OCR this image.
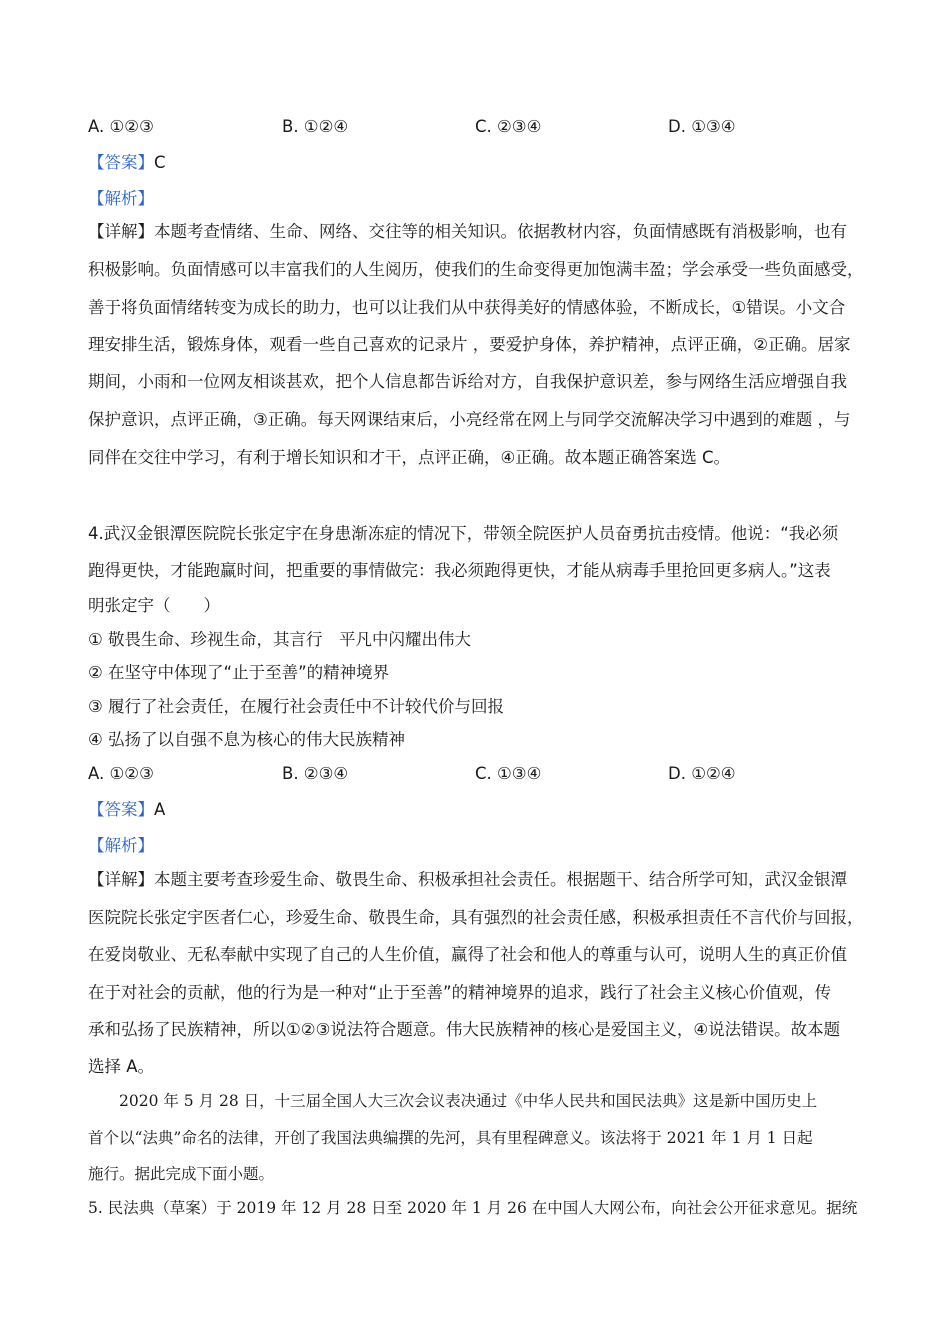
A. ①②③	B. ①②④	C. ②③④	D. ①③④
【答案】C
【解析】
【详解】本题考查情绪、生命、网络、交往等的相关知识。依据教材内容，负面情感既有消极影响，也有
积极影响。负面情感可以丰富我们的人生阅历，使我们的生命变得更加饱满丰盈；学会承受一些负面感受，
善于将负面情绪转变为成长的助力，也可以让我们从中获得美好的情感体验，不断成长，①错误。小文合
理安排生活，锻炼身体，观看一些自己喜欢的记录片 ，要爱护身体，养护精神，点评正确，②正确。居家
期间，小雨和一位网友相谈甚欢，把个人信息都告诉给对方，自我保护意识差，参与网络生活应增强自我
保护意识，点评正确，③正确。每天网课结束后，小亮经常在网上与同学交流解决学习中遇到的难题 ，与
同伴在交往中学习，有利于增长知识和才干，点评正确，④正确。故本题正确答案选 C。
4.武汉金银潭医院院长张定宇在身患渐冻症的情况下，带领全院医护人员奋勇抗击疫情。他说：“我必须
跑得更快，才能跑赢时间，把重要的事情做完：我必须跑得更快，才能从病毒手里抢回更多病人。”这表
明张定宇（　　）
① 敬畏生命、珍视生命，其言行　平凡中闪耀出伟大
② 在坚守中体现了“止于至善”的精神境界
③ 履行了社会责任，在履行社会责任中不计较代价与回报
④ 弘扬了以自强不息为核心的伟大民族精神
A. ①②③	B. ②③④	C. ①③④	D. ①②④
【答案】A
【解析】
【详解】本题主要考查珍爱生命、敬畏生命、积极承担社会责任。根据题干、结合所学可知，武汉金银潭
医院院长张定宇医者仁心，珍爱生命、敬畏生命，具有强烈的社会责任感，积极承担责任不言代价与回报，
在爱岗敬业、无私奉献中实现了自己的人生价值，赢得了社会和他人的尊重与认可，说明人生的真正价值
在于对社会的贡献，他的行为是一种对“止于至善”的精神境界的追求，践行了社会主义核心价值观，传
承和弘扬了民族精神，所以①②③说法符合题意。伟大民族精神的核心是爱国主义，④说法错误。故本题
选择 A。
　　2020 年 5 月 28 日，十三届全国人大三次会议表决通过《中华人民共和国民法典》这是新中国历史上
首个以“法典”命名的法律，开创了我国法典编撰的先河，具有里程碑意义。该法将于 2021 年 1 月 1 日起
施行。据此完成下面小题。
5. 民法典（草案）于 2019 年 12 月 28 日至 2020 年 1 月 26 在中国人大网公布，向社会公开征求意见。据统
